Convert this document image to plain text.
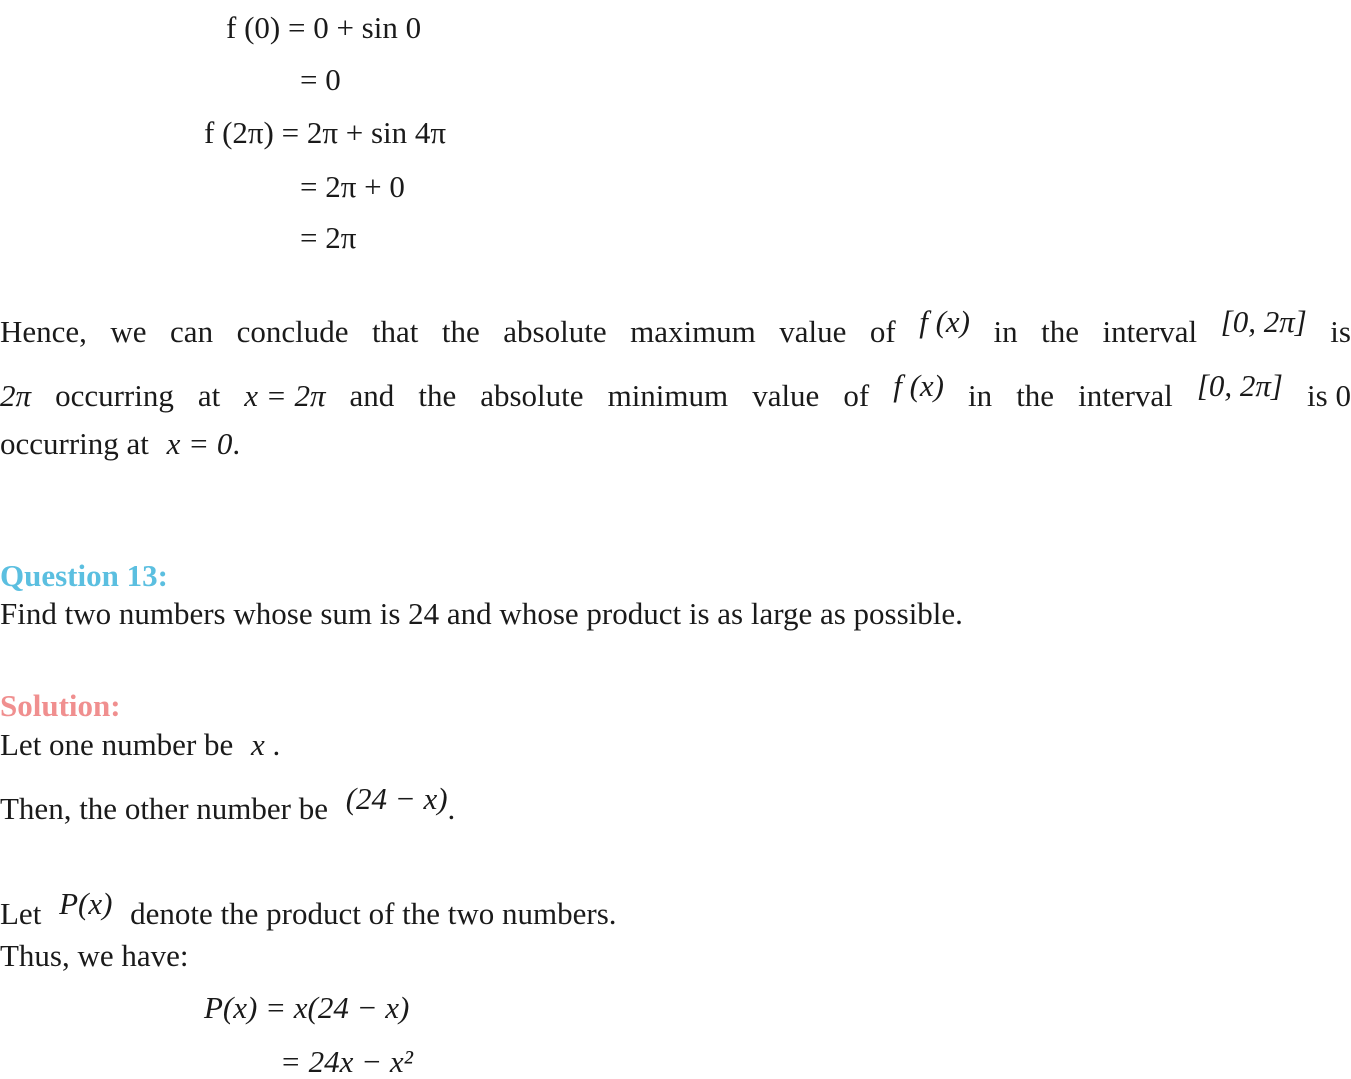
f (0) = 0 + sin 0
= 0
f (2π) = 2π + sin 4π
= 2π + 0
= 2π
Hence, we can conclude that the absolute maximum value of f (x) in the interval [0, 2π] is
2π occurring at x = 2π and the absolute minimum value of f (x) in the interval [0, 2π] is 0
occurring at x = 0.
Question 13:
Find two numbers whose sum is 24 and whose product is as large as possible.
Solution:
Let one number be x .
Then, the other number be (24 − x).
Let P(x) denote the product of the two numbers.
Thus, we have:
P(x) = x(24 − x)
= 24x − x²
